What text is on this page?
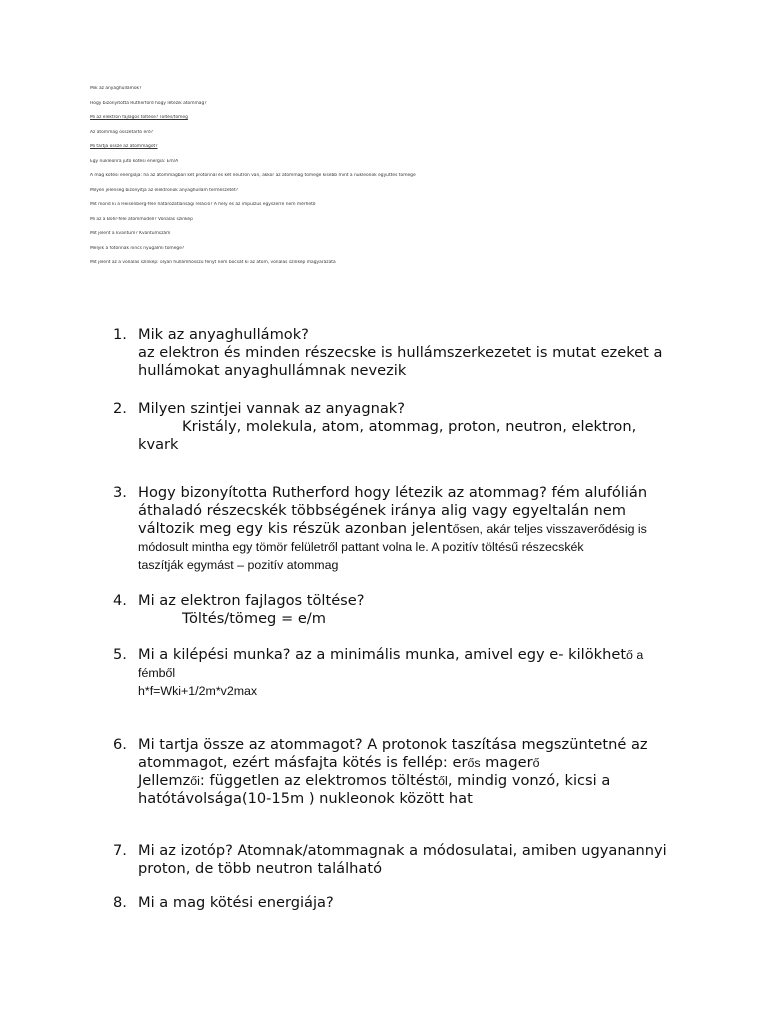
Mik az anyaghullámok?
Hogy bizonyította Rutherford hogy létezik atommag?
Mi az elektron fajlagos töltése? Töltés/tömeg
Az atommag összetartó erő?
Mi tartja össze az atommagot?
Egy nukleonra jutó kötési energia: Em/A
A mag kötési energiája: ha az atommagban két protonnal és két neutron van, akkor az atommag tömege kisebb mint a nukleonok együttes tömege
Milyen jelenség bizonyítja az elektronok anyaghullám természetét?
Mit mond ki a Heisenberg-féle határozatlansági reláció? A hely és az impulzus egyszerre nem mérhető
Mi az a Bohr-féle atommodell? Vonalas színkép
Mit jelent a kvantum? Kvantumszám
Melyik a fotonnak nincs nyugalmi tömege?
Mit jelent az a vonalas színkép: olyan hullámhosszú fényt nem bocsát ki az atom, vonalas színkép magyarázata
1. Mik az anyaghullámok?
az elektron és minden részecske is hullámszerkezetet is mutat ezeket a
hullámokat anyaghullámnak nevezik
2. Milyen szintjei vannak az anyagnak?
Kristály, molekula, atom, atommag, proton, neutron, elektron,
kvark
3. Hogy bizonyította Rutherford hogy létezik az atommag? fém alufólián
áthaladó részecskék többségének iránya alig vagy egyeltalán nem
változik meg egy kis részük azonban jelentősen, akár teljes visszaverődésig is
módosult mintha egy tömör felületről pattant volna le. A pozitív töltésű részecskék
taszítják egymást – pozitív atommag
4. Mi az elektron fajlagos töltése?
Töltés/tömeg = e/m
5. Mi a kilépési munka? az a minimális munka, amivel egy e- kilökhető a
fémből
h*f=Wki+1/2m*v2max
6. Mi tartja össze az atommagot? A protonok taszítása megszüntetné az
atommagot, ezért másfajta kötés is fellép: erős magerő
Jellemzői: független az elektromos töltéstől, mindig vonzó, kicsi a
hatótávolsága(10-15m ) nukleonok között hat
7. Mi az izotóp? Atomnak/atommagnak a módosulatai, amiben ugyanannyi
proton, de több neutron található
8. Mi a mag kötési energiája?
